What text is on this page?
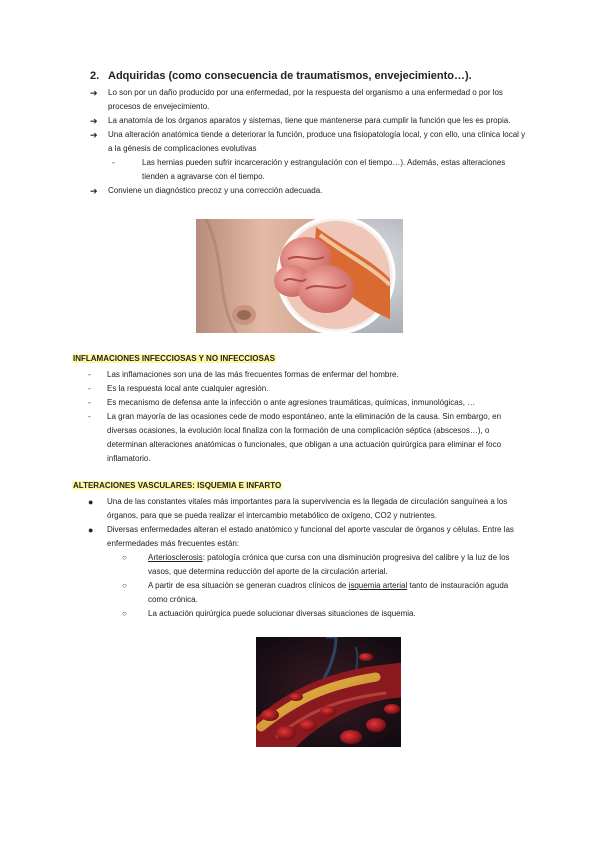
2. Adquiridas (como consecuencia de traumatismos, envejecimiento…).
➔ Lo son por un daño producido por una enfermedad, por la respuesta del organismo a una enfermedad o por los procesos de envejecimiento.
➔ La anatomía de los órganos aparatos y sistemas, tiene que mantenerse para cumplir la función que les es propia.
➔ Una alteración anatómica tiende a deteriorar la función, produce una fisiopatología local, y con ello, una clínica local y a la génesis de complicaciones evolutivas
-	Las hernias pueden sufrir incarceración y estrangulación con el tiempo…). Además, estas alteraciones tienden a agravarse con el tiempo.
➔ Conviene un diagnóstico precoz y una corrección adecuada.
INFLAMACIONES INFECCIOSAS Y NO INFECCIOSAS
- Las inflamaciones son una de las más frecuentes formas de enfermar del hombre.
- Es la respuesta local ante cualquier agresión.
- Es mecanismo de defensa ante la infección o ante agresiones traumáticas, químicas, inmunológicas, …
- La gran mayoría de las ocasiones cede de modo espontáneo, ante la eliminación de la causa. Sin embargo, en diversas ocasiones, la evolución local finaliza con la formación de una complicación séptica (abscesos…), o determinan alteraciones anatómicas o funcionales, que obligan a una actuación quirúrgica para eliminar el foco inflamatorio.
ALTERACIONES VASCULARES: ISQUEMIA E INFARTO
● Una de las constantes vitales más importantes para la supervivencia es la llegada de circulación sanguínea a los órganos, para que se pueda realizar el intercambio metabólico de oxígeno, CO2 y nutrientes.
● Diversas enfermedades alteran el estado anatómico y funcional del aporte vascular de órganos y células. Entre las enfermedades más frecuentes están:
○	Arteriosclerosis: patología crónica que cursa con una disminución progresiva del calibre y la luz de los vasos, que determina reducción del aporte de la circulación arterial.
○	A partir de esa situación se generan cuadros clínicos de isquemia arterial tanto de instauración aguda como crónica.
○	La actuación quirúrgica puede solucionar diversas situaciones de isquemia.
